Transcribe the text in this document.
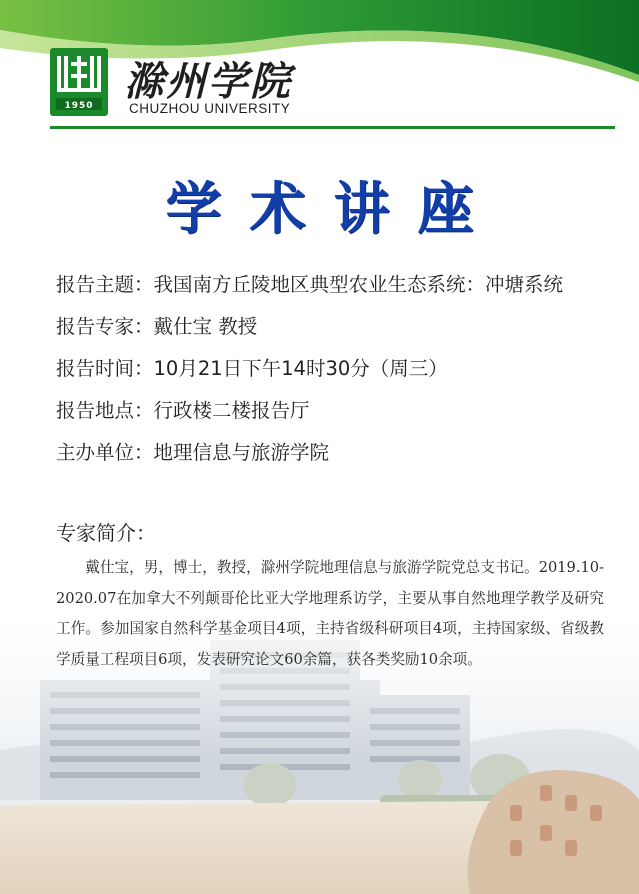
1950
滁州学院
CHUZHOU UNIVERSITY
学术讲座
报告主题：我国南方丘陵地区典型农业生态系统：冲塘系统
报告专家：戴仕宝 教授
报告时间：10月21日下午14时30分（周三）
报告地点：行政楼二楼报告厅
主办单位：地理信息与旅游学院
专家简介：
戴仕宝，男，博士，教授，滁州学院地理信息与旅游学院党总支书记。2019.10-2020.07在加拿大不列颠哥伦比亚大学地理系访学，主要从事自然地理学教学及研究工作。参加国家自然科学基金项目4项，主持省级科研项目4项，主持国家级、省级教学质量工程项目6项，发表研究论文60余篇，获各类奖励10余项。
